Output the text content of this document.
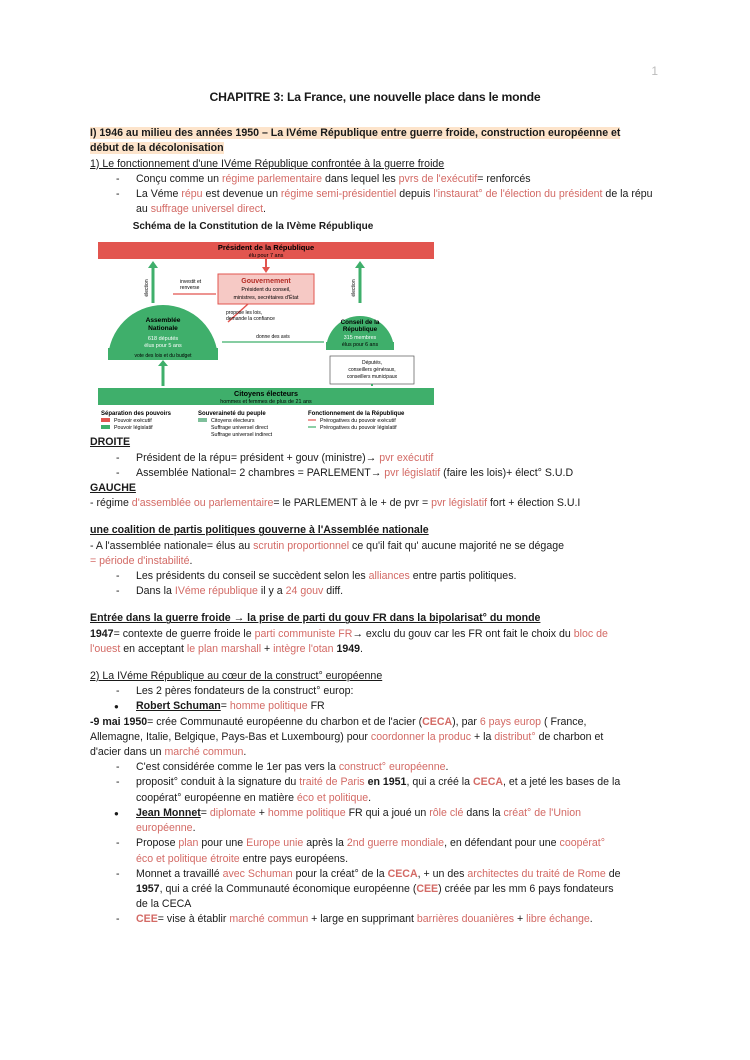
1
CHAPITRE 3: La France, une nouvelle place dans le monde
I) 1946 au milieu des années 1950 – La IVéme République entre guerre froide, construction européenne et
début de la décolonisation
1) Le fonctionnement d'une IVéme République confrontée à la guerre froide
- Conçu comme un régime parlementaire dans lequel les pvrs de l'exécutif= renforcés
- La Véme répu est devenue un régime semi-présidentiel depuis l'instaurat° de l'élection du président de la répu au suffrage universel direct.
Schéma de la Constitution de la IVème République
Président de la République
élu pour 7 ans
Gouvernement
Président du conseil,
ministres, secrétaires d'État
élection	élection
investit et
renverse
propose les lois,
demande la confiance
Assemblée
Nationale
618 députés
élus pour 5 ans
vote des lois et du budget
donne des avis
Conseil de la
République
315 membres
élus pour 6 ans
Députés,
conseillers généraux,
conseillers municipaux
Citoyens électeurs
hommes et femmes de plus de 21 ans
Séparation des pouvoirs	Souveraineté du peuple	Fonctionnement de la République
Pouvoir exécutif
Pouvoir législatif
Citoyens électeurs
Suffrage universel direct
Suffrage universel indirect
Prérogatives du pouvoir exécutif
Prérogatives du pouvoir législatif
DROITE
- Président de la répu= président + gouv (ministre)→ pvr exécutif
- Assemblée National= 2 chambres = PARLEMENT→ pvr législatif (faire les lois)+ élect° S.U.D
GAUCHE
- régime d'assemblée ou parlementaire= le PARLEMENT à le + de pvr = pvr législatif fort + élection S.U.I
une coalition de partis politiques gouverne à l'Assemblée nationale
- A l'assemblée nationale= élus au scrutin proportionnel ce qu'il fait qu' aucune majorité ne se dégage
= période d'instabilité.
- Les présidents du conseil se succèdent selon les alliances entre partis politiques.
- Dans la IVéme république il y a 24 gouv diff.
Entrée dans la guerre froide → la prise de parti du gouv FR dans la bipolarisat° du monde
1947= contexte de guerre froide le parti communiste FR→ exclu du gouv car les FR ont fait le choix du bloc de
l'ouest en acceptant le plan marshall + intègre l'otan 1949.
2) La IVéme République au cœur de la construct° européenne
- Les 2 pères fondateurs de la construct° europ:
● Robert Schuman= homme politique FR
-9 mai 1950= crée Communauté européenne du charbon et de l'acier (CECA), par 6 pays europ ( France,
Allemagne, Italie, Belgique, Pays-Bas et Luxembourg) pour coordonner la produc + la distribut° de charbon et
d'acier dans un marché commun.
- C'est considérée comme le 1er pas vers la construct° européenne.
- proposit° conduit à la signature du traité de Paris en 1951, qui a créé la CECA, et a jeté les bases de la
coopérat° européenne en matière éco et politique.
● Jean Monnet= diplomate + homme politique FR qui a joué un rôle clé dans la créat° de l'Union
européenne.
- Propose plan pour une Europe unie après la 2nd guerre mondiale, en défendant pour une coopérat°
éco et politique étroite entre pays européens.
- Monnet a travaillé avec Schuman pour la créat° de la CECA, + un des architectes du traité de Rome de
1957, qui a créé la Communauté économique européenne (CEE) créée par les mm 6 pays fondateurs
de la CECA
- CEE= vise à établir marché commun + large en supprimant barrières douanières + libre échange.
